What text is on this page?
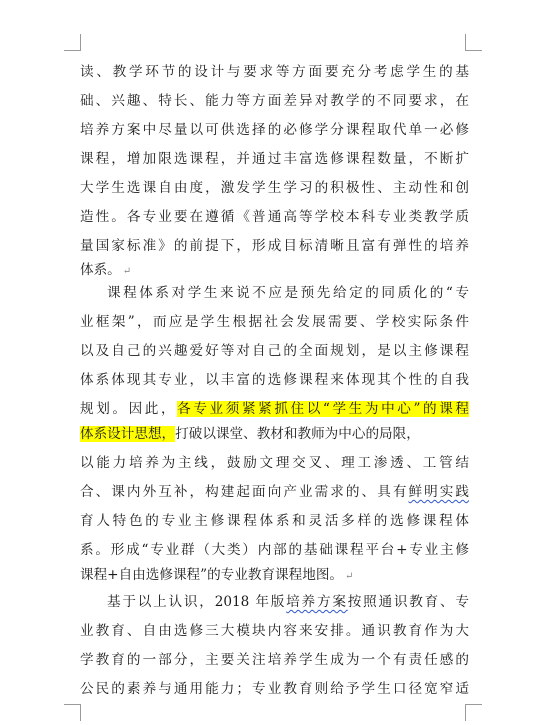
读、教学环节的设计与要求等方面要充分考虑学生的基
础、兴趣、特长、能力等方面差异对教学的不同要求，在
培养方案中尽量以可供选择的必修学分课程取代单一必修
课程，增加限选课程，并通过丰富选修课程数量，不断扩
大学生选课自由度，激发学生学习的积极性、主动性和创
造性。各专业要在遵循《普通高等学校本科专业类教学质
量国家标准》的前提下，形成目标清晰且富有弹性的培养
体系。 ↵
课程体系对学生来说不应是预先给定的同质化的“专
业框架”，而应是学生根据社会发展需要、学校实际条件
以及自己的兴趣爱好等对自己的全面规划，是以主修课程
体系体现其专业，以丰富的选修课程来体现其个性的自我
规划。因此，各专业须紧紧抓住以“学生为中心”的课程
体系设计思想，打破以课堂、教材和教师为中心的局限，
以能力培养为主线，鼓励文理交叉、理工渗透、工管结
合、课内外互补，构建起面向产业需求的、具有鲜明实践
育人特色的专业主修课程体系和灵活多样的选修课程体
系。形成“专业群（大类）内部的基础课程平台+专业主修
课程+自由选修课程”的专业教育课程地图。 ↵
基于以上认识，2018 年版培养方案按照通识教育、专
业教育、自由选修三大模块内容来安排。通识教育作为大
学教育的一部分，主要关注培养学生成为一个有责任感的
公民的素养与通用能力；专业教育则给予学生口径宽窄适
